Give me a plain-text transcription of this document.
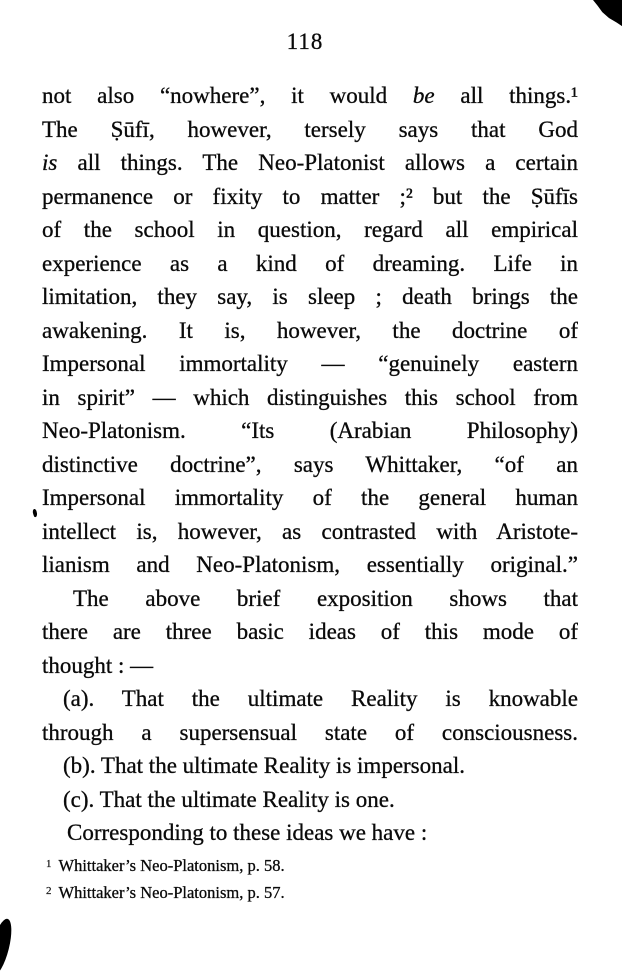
118
not also “nowhere”, it would be all things.¹
The Ṣūfī, however, tersely says that God
is all things. The Neo-Platonist allows a certain
permanence or fixity to matter ;² but the Ṣūfīs
of the school in question, regard all empirical
experience as a kind of dreaming. Life in
limitation, they say, is sleep ; death brings the
awakening. It is, however, the doctrine of
Impersonal immortality — “genuinely eastern
in spirit” — which distinguishes this school from
Neo-Platonism. “Its (Arabian Philosophy)
distinctive doctrine”, says Whittaker, “of an
Impersonal immortality of the general human
intellect is, however, as contrasted with Aristote-
lianism and Neo-Platonism, essentially original.”
The above brief exposition shows that
there are three basic ideas of this mode of
thought : —
(a). That the ultimate Reality is knowable
through a supersensual state of consciousness.
(b). That the ultimate Reality is impersonal.
(c). That the ultimate Reality is one.
Corresponding to these ideas we have :
$^1$ Whittaker’s Neo-Platonism, p. 58.
$^2$ Whittaker’s Neo-Platonism, p. 57.
